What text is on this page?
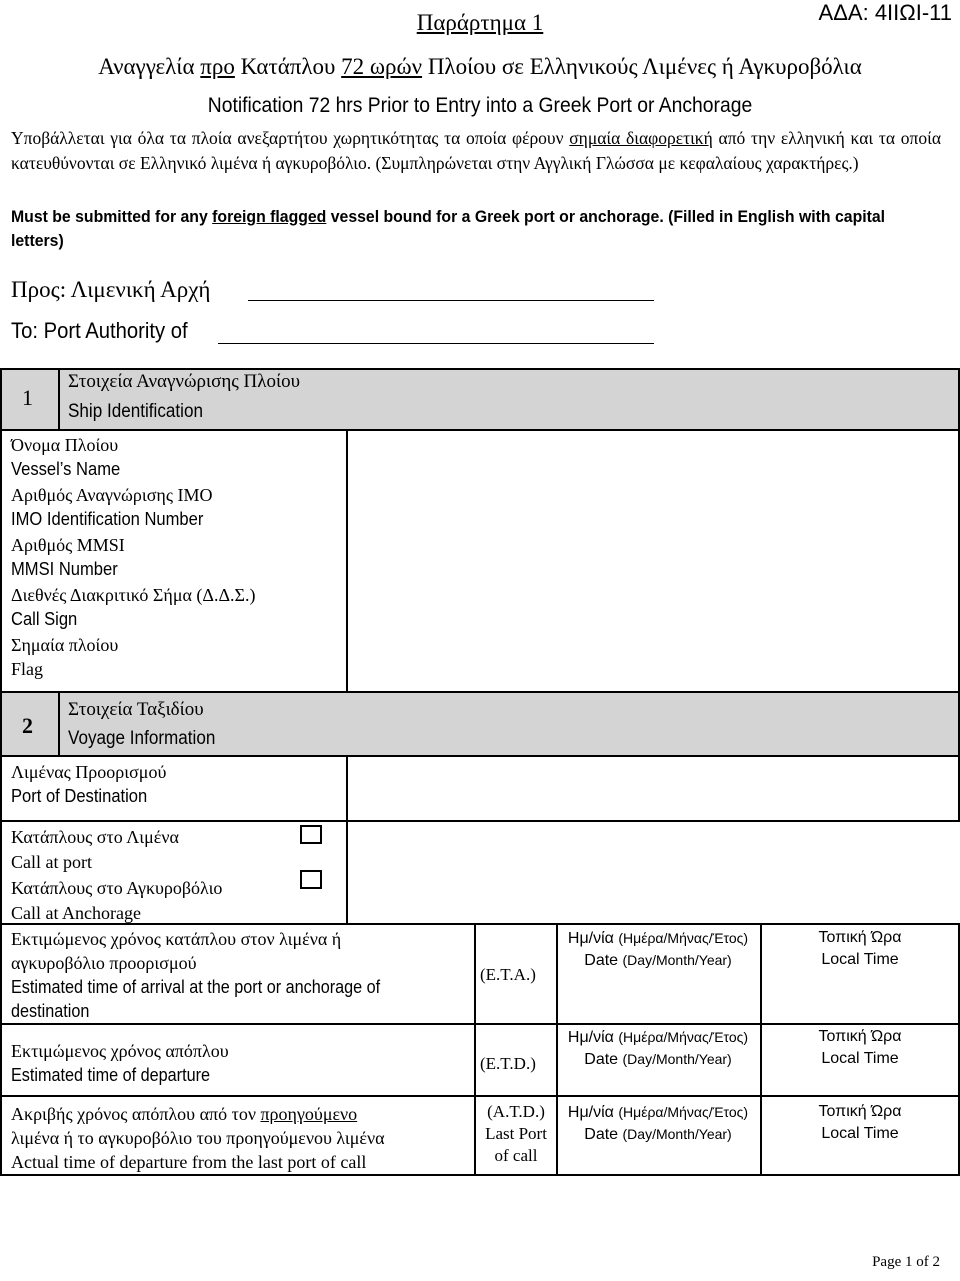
ΑΔΑ: 4ΙΙΩΙ-11
Παράρτημα 1
Αναγγελία προ Κατάπλου 72 ωρών Πλοίου σε Ελληνικούς Λιμένες ή Αγκυροβόλια
Notification 72 hrs Prior to Entry into a Greek Port or Anchorage
Υποβάλλεται για όλα τα πλοία ανεξαρτήτου χωρητικότητας τα οποία φέρουν σημαία διαφορετική από την ελληνική και τα οποία κατευθύνονται σε Ελληνικό λιμένα ή αγκυροβόλιο. (Συμπληρώνεται στην Αγγλική Γλώσσα με κεφαλαίους χαρακτήρες.)
Must be submitted for any foreign flagged vessel bound for a Greek port or anchorage. (Filled in English with capital letters)
Προς: Λιμενική Αρχή
To: Port Authority of
1
Στοιχεία Αναγνώρισης Πλοίου
Ship Identification
Όνομα Πλοίου
Vessel’s Name
Αριθμός Αναγνώρισης IMO
IMO Identification Number
Αριθμός MMSI
MMSI Number
Διεθνές Διακριτικό Σήμα (Δ.Δ.Σ.)
Call Sign
Σημαία πλοίου
Flag
2
Στοιχεία Ταξιδίου
Voyage Information
Λιμένας Προορισμού
Port of Destination
Κατάπλους στο Λιμένα
Call at port
Κατάπλους στο Αγκυροβόλιο
Call at Anchorage
Εκτιμώμενος χρόνος κατάπλου στον λιμένα ή
αγκυροβόλιο προορισμού
Estimated time of arrival at the port or anchorage of
destination
(E.T.A.)
Ημ/νία (Ημέρα/Μήνας/Έτος)
Date (Day/Month/Year)
Τοπική Ώρα
Local Time
Εκτιμώμενος χρόνος απόπλου
Estimated time of departure
(E.T.D.)
Ημ/νία (Ημέρα/Μήνας/Έτος)
Date (Day/Month/Year)
Τοπική Ώρα
Local Time
Ακριβής χρόνος απόπλου από τον προηγούμενο
λιμένα ή το αγκυροβόλιο του προηγούμενου λιμένα
Actual time of departure from the last port of call
(A.T.D.)
Last Port
of call
Ημ/νία (Ημέρα/Μήνας/Έτος)
Date (Day/Month/Year)
Τοπική Ώρα
Local Time
Page 1 of 2
